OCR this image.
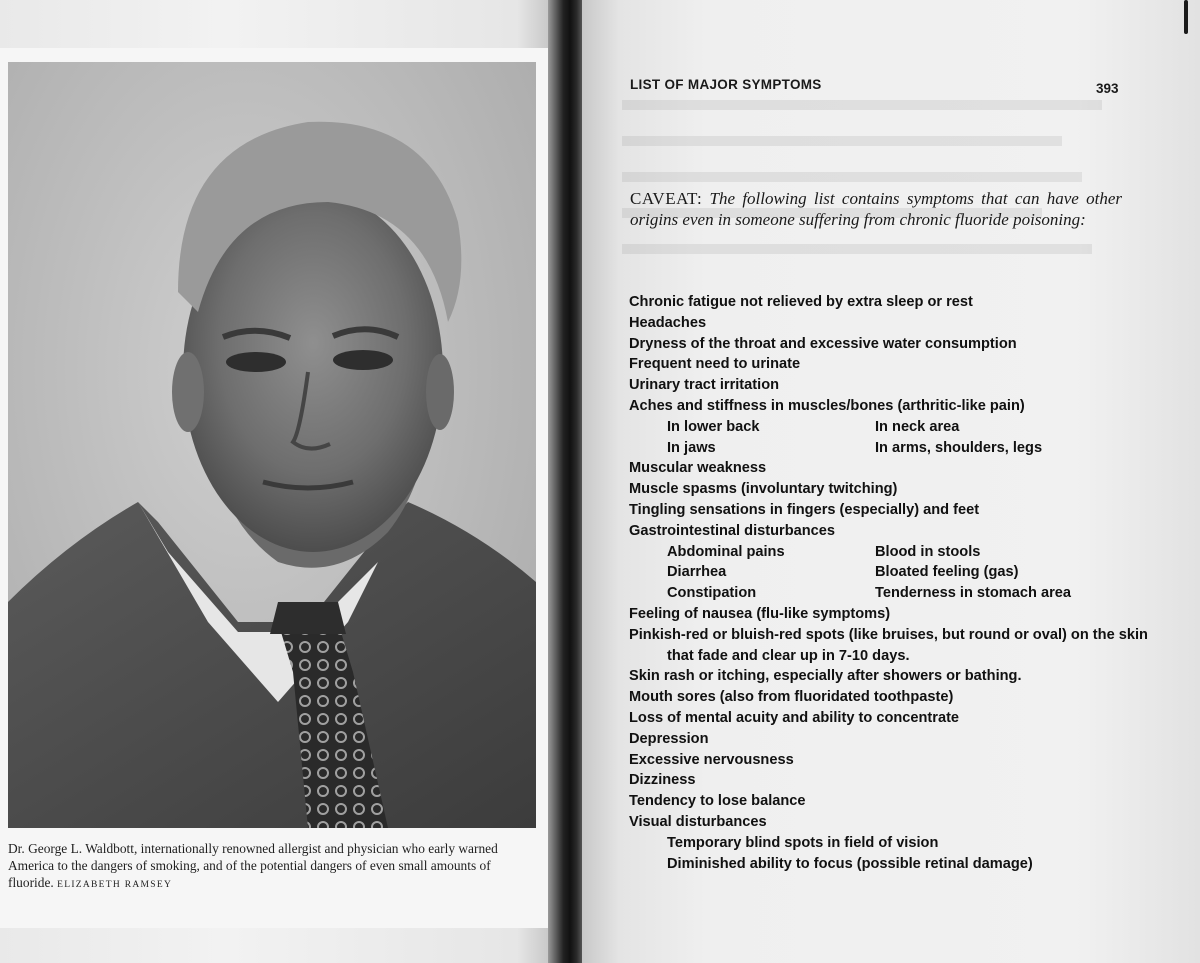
Dr. George L. Waldbott, internationally renowned allergist and physician who early warned America to the dangers of smoking, and of the potential dangers of even small amounts of fluoride. ELIZABETH RAMSEY
LIST OF MAJOR SYMPTOMS	393
CAVEAT: The following list contains symptoms that can have other origins even in someone suffering from chronic fluoride poisoning:
Chronic fatigue not relieved by extra sleep or rest
Headaches
Dryness of the throat and excessive water consumption
Frequent need to urinate
Urinary tract irritation
Aches and stiffness in muscles/bones (arthritic-like pain)
In lower back	In neck area
In jaws	In arms, shoulders, legs
Muscular weakness
Muscle spasms (involuntary twitching)
Tingling sensations in fingers (especially) and feet
Gastrointestinal disturbances
Abdominal pains	Blood in stools
Diarrhea	Bloated feeling (gas)
Constipation	Tenderness in stomach area
Feeling of nausea (flu-like symptoms)
Pinkish-red or bluish-red spots (like bruises, but round or oval) on the skin that fade and clear up in 7-10 days.
Skin rash or itching, especially after showers or bathing.
Mouth sores (also from fluoridated toothpaste)
Loss of mental acuity and ability to concentrate
Depression
Excessive nervousness
Dizziness
Tendency to lose balance
Visual disturbances
Temporary blind spots in field of vision
Diminished ability to focus (possible retinal damage)
